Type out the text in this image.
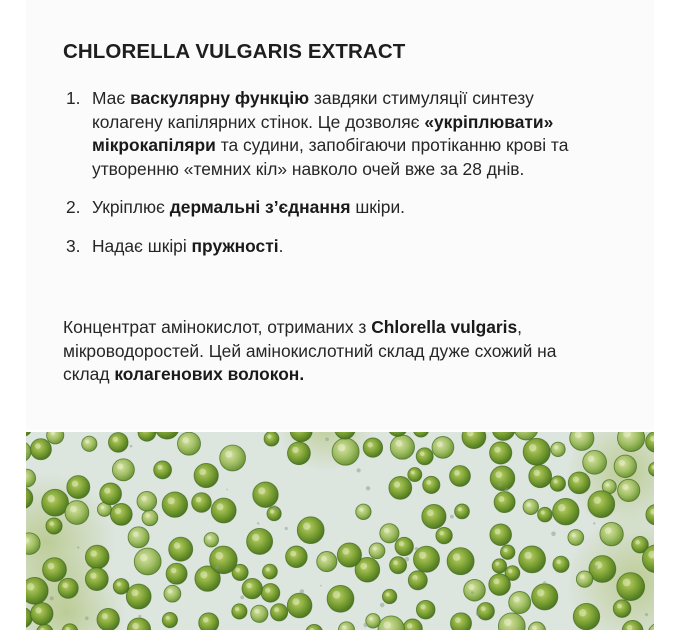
CHLORELLA VULGARIS EXTRACT
1. Має васкулярну функцію завдяки стимуляції синтезу колагену капілярних стінок. Це дозволяє «укріплювати» мікрокапіляри та судини, запобігаючи протіканню крові та утворенню «темних кіл» навколо очей вже за 28 днів.
2. Укріплює дермальні з’єднання шкіри.
3. Надає шкірі пружності.

Концентрат амінокислот, отриманих з Chlorella vulgaris, мікроводоростей. Цей амінокислотний склад дуже схожий на склад колагенових волокон.
